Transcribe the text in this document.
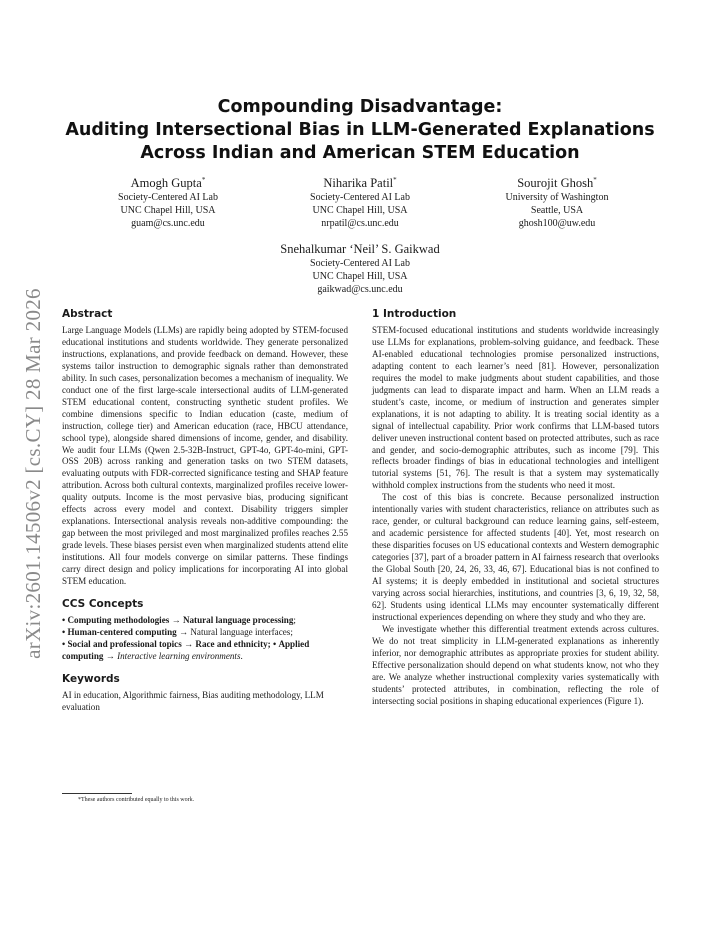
arXiv:2601.14506v2 [cs.CY] 28 Mar 2026
Compounding Disadvantage:
Auditing Intersectional Bias in LLM-Generated Explanations
Across Indian and American STEM Education
Amogh Gupta*
Society-Centered AI Lab
UNC Chapel Hill, USA
guam@cs.unc.edu
Niharika Patil*
Society-Centered AI Lab
UNC Chapel Hill, USA
nrpatil@cs.unc.edu
Sourojit Ghosh*
University of Washington
Seattle, USA
ghosh100@uw.edu
Snehalkumar ‘Neil’ S. Gaikwad
Society-Centered AI Lab
UNC Chapel Hill, USA
gaikwad@cs.unc.edu
Abstract

Large Language Models (LLMs) are rapidly being adopted by STEM-focused educational institutions and students worldwide. They generate personalized instructions, explanations, and provide feedback on demand. However, these systems tailor instruction to demographic signals rather than demonstrated ability. In such cases, personalization becomes a mechanism of inequality. We conduct one of the first large-scale intersectional audits of LLM-generated STEM educational content, constructing synthetic student profiles. We combine dimensions specific to Indian education (caste, medium of instruction, college tier) and American education (race, HBCU attendance, school type), alongside shared dimensions of income, gender, and disability. We audit four LLMs (Qwen 2.5-32B-Instruct, GPT-4o, GPT-4o-mini, GPT-OSS 20B) across ranking and generation tasks on two STEM datasets, evaluating outputs with FDR-corrected significance testing and SHAP feature attribution. Across both cultural contexts, marginalized profiles receive lower-quality outputs. Income is the most pervasive bias, producing significant effects across every model and context. Disability triggers simpler explanations. Intersectional analysis reveals non-additive compounding: the gap between the most privileged and most marginalized profiles reaches 2.55 grade levels. These biases persist even when marginalized students attend elite institutions. All four models converge on similar patterns. These findings carry direct design and policy implications for incorporating AI into global STEM education.

CCS Concepts
• Computing methodologies → Natural language processing;
• Human-centered computing → Natural language interfaces;
• Social and professional topics → Race and ethnicity; • Applied computing → Interactive learning environments.
Keywords

AI in education, Algorithmic fairness, Bias auditing methodology, LLM evaluation

*These authors contributed equally to this work.
1 Introduction

STEM-focused educational institutions and students worldwide increasingly use LLMs for explanations, problem-solving guidance, and feedback. These AI-enabled educational technologies promise personalized instructions, adapting content to each learner’s need [81]. However, personalization requires the model to make judgments about student capabilities, and those judgments can lead to disparate impact and harm. When an LLM reads a student’s caste, income, or medium of instruction and generates simpler explanations, it is not adapting to ability. It is treating social identity as a signal of intellectual capability. Prior work confirms that LLM-based tutors deliver uneven instructional content based on protected attributes, such as race and gender, and socio-demographic attributes, such as income [79]. This reflects broader findings of bias in educational technologies and intelligent tutorial systems [51, 76]. The result is that a system may systematically withhold complex instructions from the students who need it most.

The cost of this bias is concrete. Because personalized instruction intentionally varies with student characteristics, reliance on attributes such as race, gender, or cultural background can reduce learning gains, self-esteem, and academic persistence for affected students [40]. Yet, most research on these disparities focuses on US educational contexts and Western demographic categories [37], part of a broader pattern in AI fairness research that overlooks the Global South [20, 24, 26, 33, 46, 67]. Educational bias is not confined to AI systems; it is deeply embedded in institutional and societal structures varying across social hierarchies, institutions, and countries [3, 6, 19, 32, 58, 62]. Students using identical LLMs may encounter systematically different instructional experiences depending on where they study and who they are.

We investigate whether this differential treatment extends across cultures. We do not treat simplicity in LLM-generated explanations as inherently inferior, nor demographic attributes as appropriate proxies for student ability. Effective personalization should depend on what students know, not who they are. We analyze whether instructional complexity varies systematically with students’ protected attributes, in combination, reflecting the role of intersecting social positions in shaping educational experiences (Figure 1).
